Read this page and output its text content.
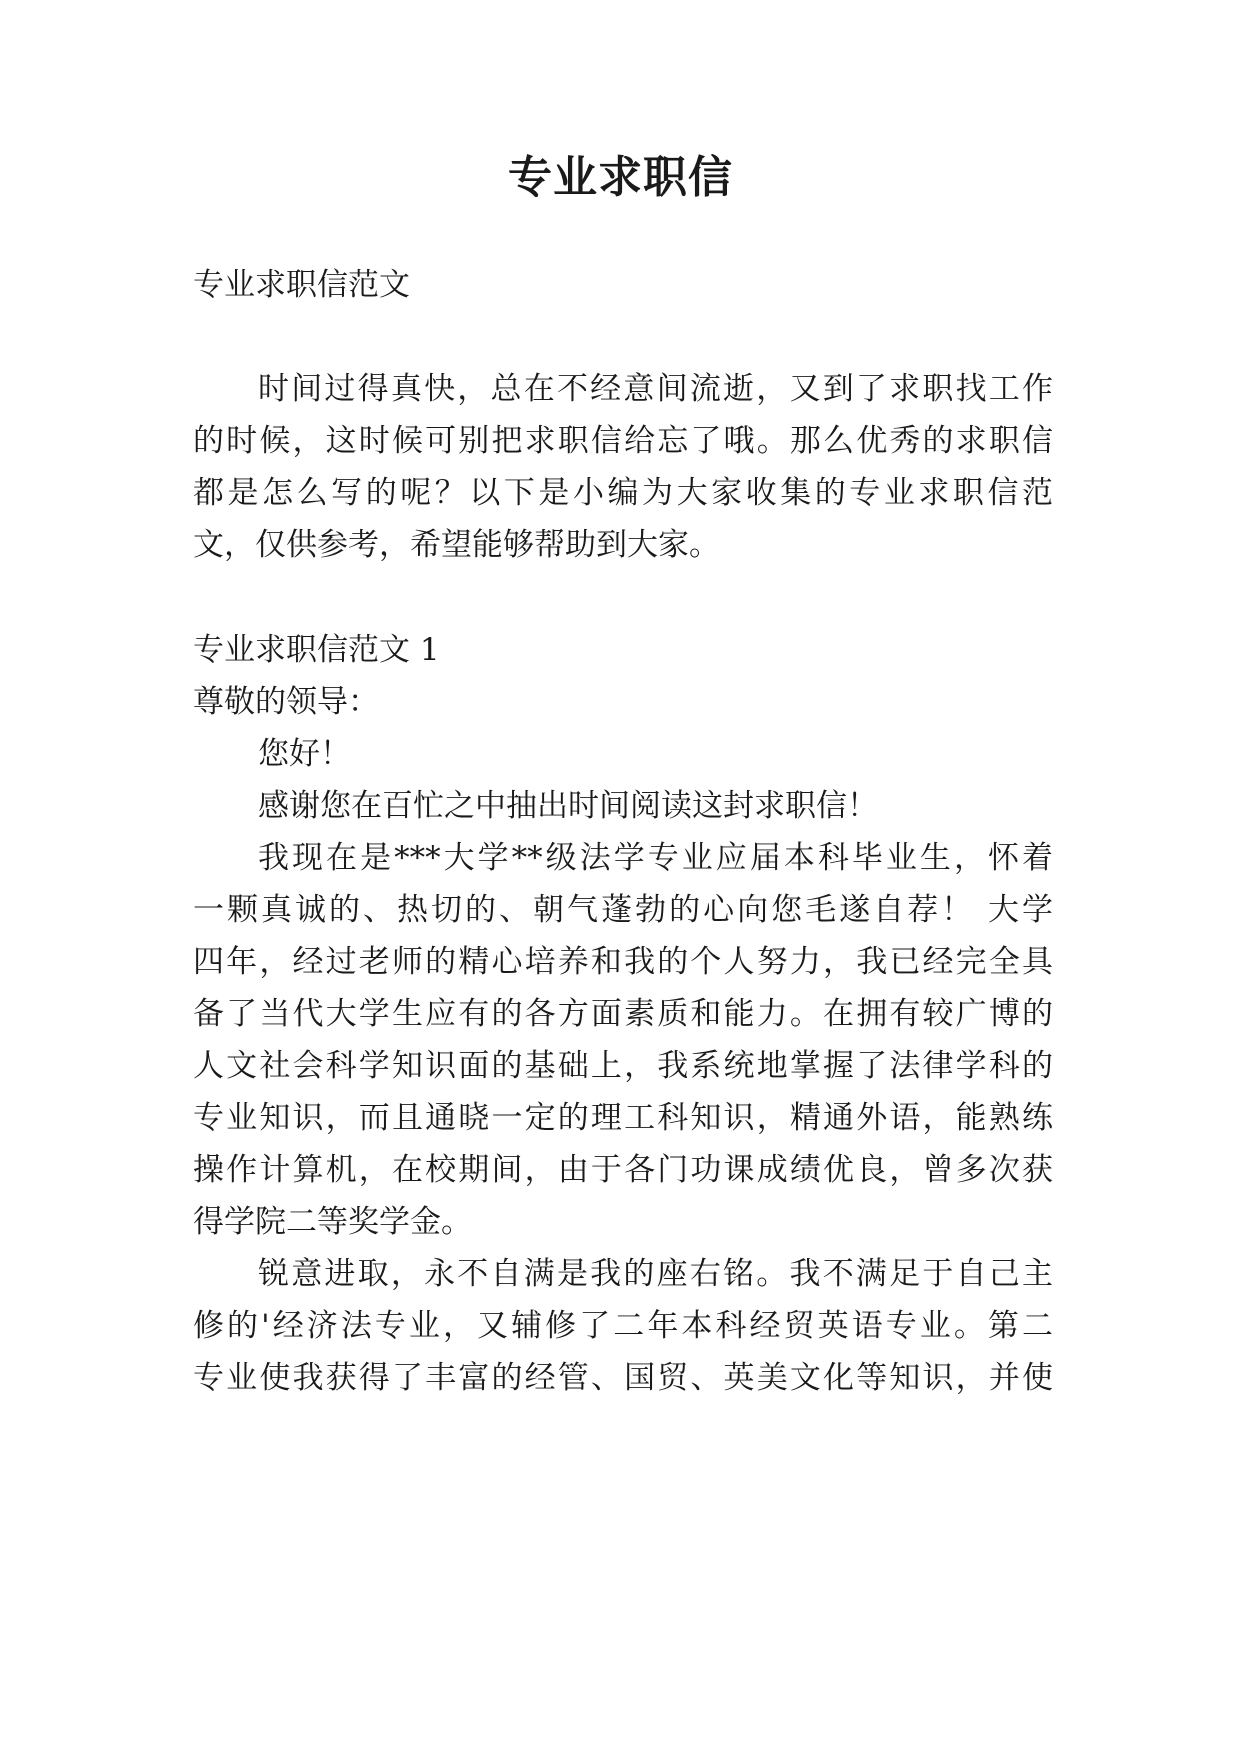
专业求职信

专业求职信范文

时间过得真快，总在不经意间流逝，又到了求职找工作

的时候，这时候可别把求职信给忘了哦。那么优秀的求职信

都是怎么写的呢？以下是小编为大家收集的专业求职信范

文，仅供参考，希望能够帮助到大家。

专业求职信范文 1

尊敬的领导：

您好！

感谢您在百忙之中抽出时间阅读这封求职信！

我现在是***大学**级法学专业应届本科毕业生，怀着

一颗真诚的、热切的、朝气蓬勃的心向您毛遂自荐！ 大学

四年，经过老师的精心培养和我的个人努力，我已经完全具

备了当代大学生应有的各方面素质和能力。在拥有较广博的

人文社会科学知识面的基础上，我系统地掌握了法律学科的

专业知识，而且通晓一定的理工科知识，精通外语，能熟练

操作计算机，在校期间，由于各门功课成绩优良，曾多次获

得学院二等奖学金。

锐意进取，永不自满是我的座右铭。我不满足于自己主

修的'经济法专业，又辅修了二年本科经贸英语专业。第二

专业使我获得了丰富的经管、国贸、英美文化等知识，并使
